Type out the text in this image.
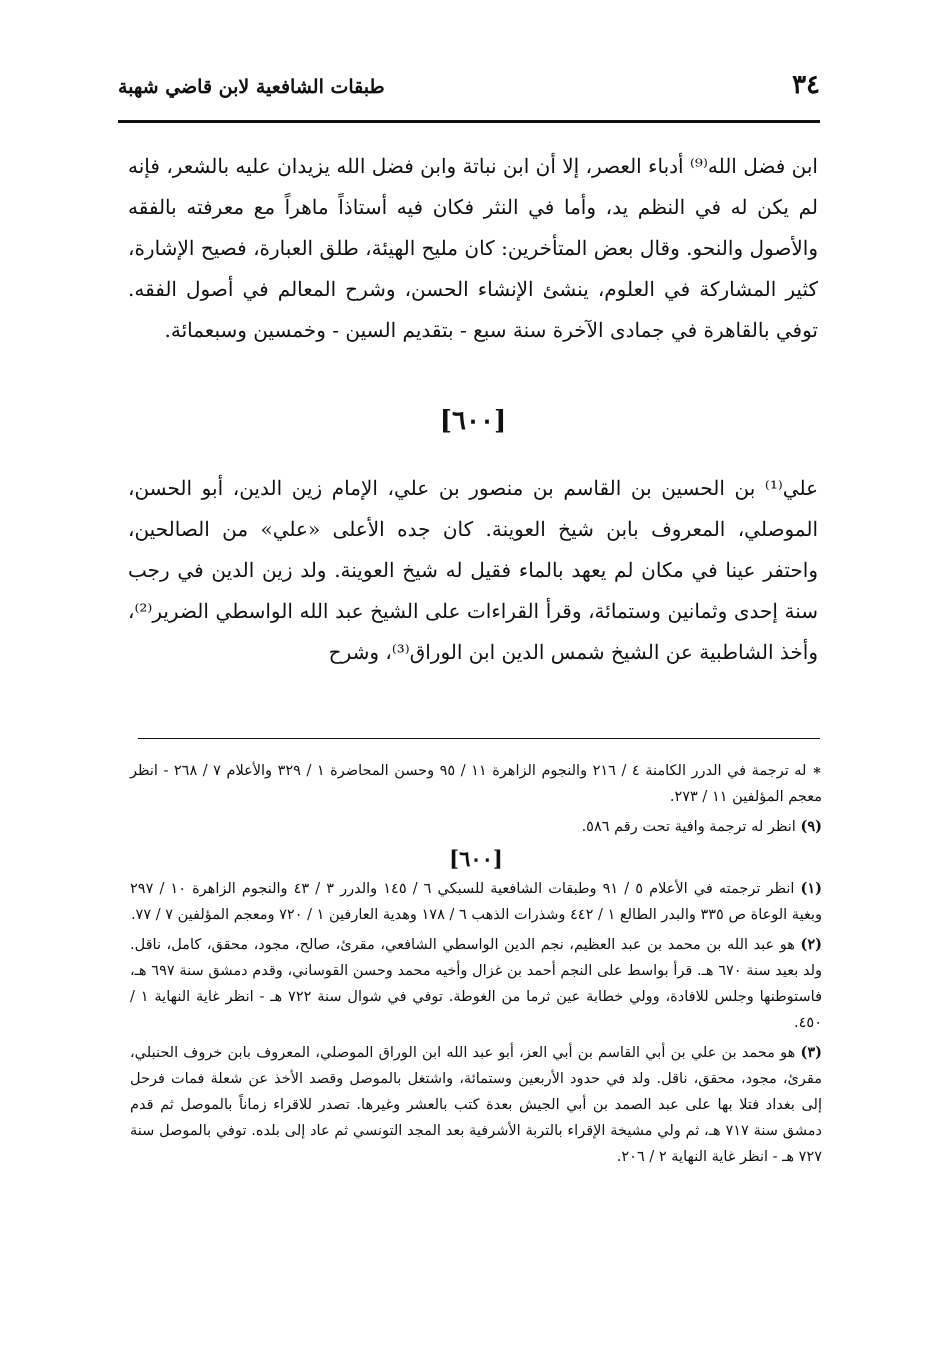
٣٤
طبقات الشافعية لابن قاضي شهبة

ابن فضل الله⁽⁹⁾ أدباء العصر، إلا أن ابن نباتة وابن فضل الله يزيدان عليه بالشعر، فإنه لم يكن له في النظم يد، وأما في النثر فكان فيه أستاذاً ماهراً مع معرفته بالفقه والأصول والنحو. وقال بعض المتأخرين: كان مليح الهيئة، طلق العبارة، فصيح الإشارة، كثير المشاركة في العلوم، ينشئ الإنشاء الحسن، وشرح المعالم في أصول الفقه. توفي بالقاهرة في جمادى الآخرة سنة سبع - بتقديم السين - وخمسين وسبعمائة.

[٦٠٠]

علي⁽¹⁾ بن الحسين بن القاسم بن منصور بن علي، الإمام زين الدين، أبو الحسن، الموصلي، المعروف بابن شيخ العوينة. كان جده الأعلى «علي» من الصالحين، واحتفر عينا في مكان لم يعهد بالماء فقيل له شيخ العوينة. ولد زين الدين في رجب سنة إحدى وثمانين وستمائة، وقرأ القراءات على الشيخ عبد الله الواسطي الضرير⁽²⁾، وأخذ الشاطبية عن الشيخ شمس الدين ابن الوراق⁽³⁾، وشرح

∗ له ترجمة في الدرر الكامنة ٤ / ٢١٦ والنجوم الزاهرة ١١ / ٩٥ وحسن المحاضرة ١ / ٣٢٩ والأعلام ٧ / ٢٦٨ - انظر معجم المؤلفين ١١ / ٢٧٣.

(٩) انظر له ترجمة وافية تحت رقم ٥٨٦.

[٦٠٠]

(١) انظر ترجمته في الأعلام ٥ / ٩١ وطبقات الشافعية للسبكي ٦ / ١٤٥ والدرر ٣ / ٤٣ والنجوم الزاهرة ١٠ / ٢٩٧ وبغية الوعاة ص ٣٣٥ والبدر الطالع ١ / ٤٤٢ وشذرات الذهب ٦ / ١٧٨ وهدية العارفين ١ / ٧٢٠ ومعجم المؤلفين ٧ / ٧٧.

(٢) هو عبد الله بن محمد بن عبد العظيم، نجم الدين الواسطي الشافعي، مقرئ، صالح، مجود، محقق، كامل، ناقل. ولد بعيد سنة ٦٧٠ هـ. قرأ بواسط على النجم أحمد بن غزال وأخيه محمد وحسن القوساني، وقدم دمشق سنة ٦٩٧ هـ، فاستوطنها وجلس للافادة، وولي خطابة عين ثرما من الغوطة. توفي في شوال سنة ٧٢٢ هـ - انظر غاية النهاية ١ / ٤٥٠.

(٣) هو محمد بن علي بن أبي القاسم بن أبي العز، أبو عبد الله ابن الوراق الموصلي، المعروف بابن خروف الحنبلي، مقرئ، مجود، محقق، ناقل. ولد في حدود الأربعين وستمائة، واشتغل بالموصل وقصد الأخذ عن شعلة فمات فرحل إلى بغداد فتلا بها على عبد الصمد بن أبي الجيش بعدة كتب بالعشر وغيرها. تصدر للاقراء زماناً بالموصل ثم قدم دمشق سنة ٧١٧ هـ، ثم ولي مشيخة الإقراء بالتربة الأشرفية بعد المجد التونسي ثم عاد إلى بلده. توفي بالموصل سنة ٧٢٧ هـ - انظر غاية النهاية ٢ / ٢٠٦.
